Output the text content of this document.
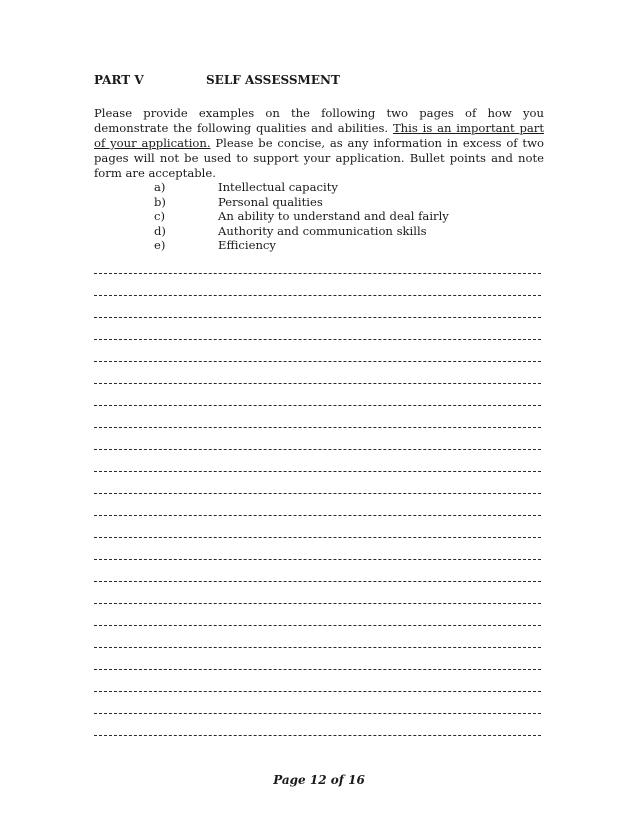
PART V	SELF ASSESSMENT
Please provide examples on the following two pages of how you demonstrate the following qualities and abilities. This is an important part of your application. Please be concise, as any information in excess of two pages will not be used to support your application. Bullet points and note form are acceptable.
a)	Intellectual capacity
b)	Personal qualities
c)	An ability to understand and deal fairly
d)	Authority and communication skills
e)	Efficiency
Page 12 of 16
